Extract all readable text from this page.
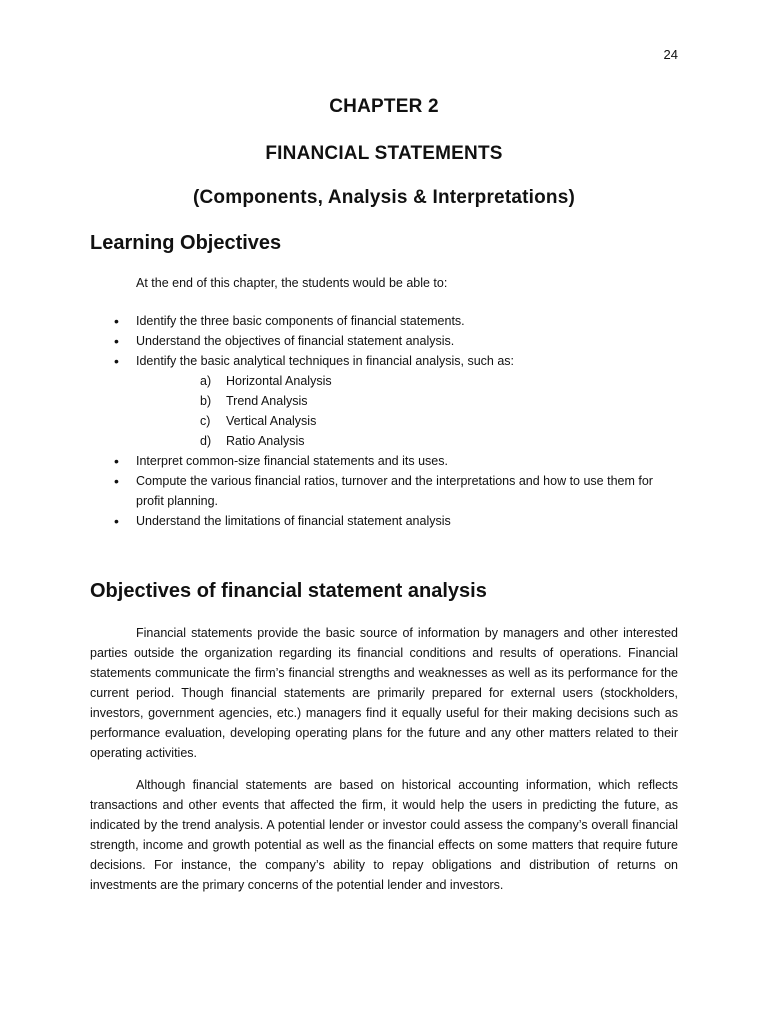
24
CHAPTER 2
FINANCIAL STATEMENTS
(Components, Analysis & Interpretations)
Learning Objectives
At the end of this chapter, the students would be able to:
• Identify the three basic components of financial statements.
• Understand the objectives of financial statement analysis.
• Identify the basic analytical techniques in financial analysis, such as:
a)	Horizontal Analysis
b)	Trend Analysis
c)	Vertical Analysis
d)	Ratio Analysis
• Interpret common-size financial statements and its uses.
• Compute the various financial ratios, turnover and the interpretations and how to use them for profit planning.
• Understand the limitations of financial statement analysis
Objectives of financial statement analysis

Financial statements provide the basic source of information by managers and other interested parties outside the organization regarding its financial conditions and results of operations. Financial statements communicate the firm’s financial strengths and weaknesses as well as its performance for the current period. Though financial statements are primarily prepared for external users (stockholders, investors, government agencies, etc.) managers find it equally useful for their making decisions such as performance evaluation, developing operating plans for the future and any other matters related to their operating activities.

Although financial statements are based on historical accounting information, which reflects transactions and other events that affected the firm, it would help the users in predicting the future, as indicated by the trend analysis. A potential lender or investor could assess the company’s overall financial strength, income and growth potential as well as the financial effects on some matters that require future decisions. For instance, the company’s ability to repay obligations and distribution of returns on investments are the primary concerns of the potential lender and investors.
